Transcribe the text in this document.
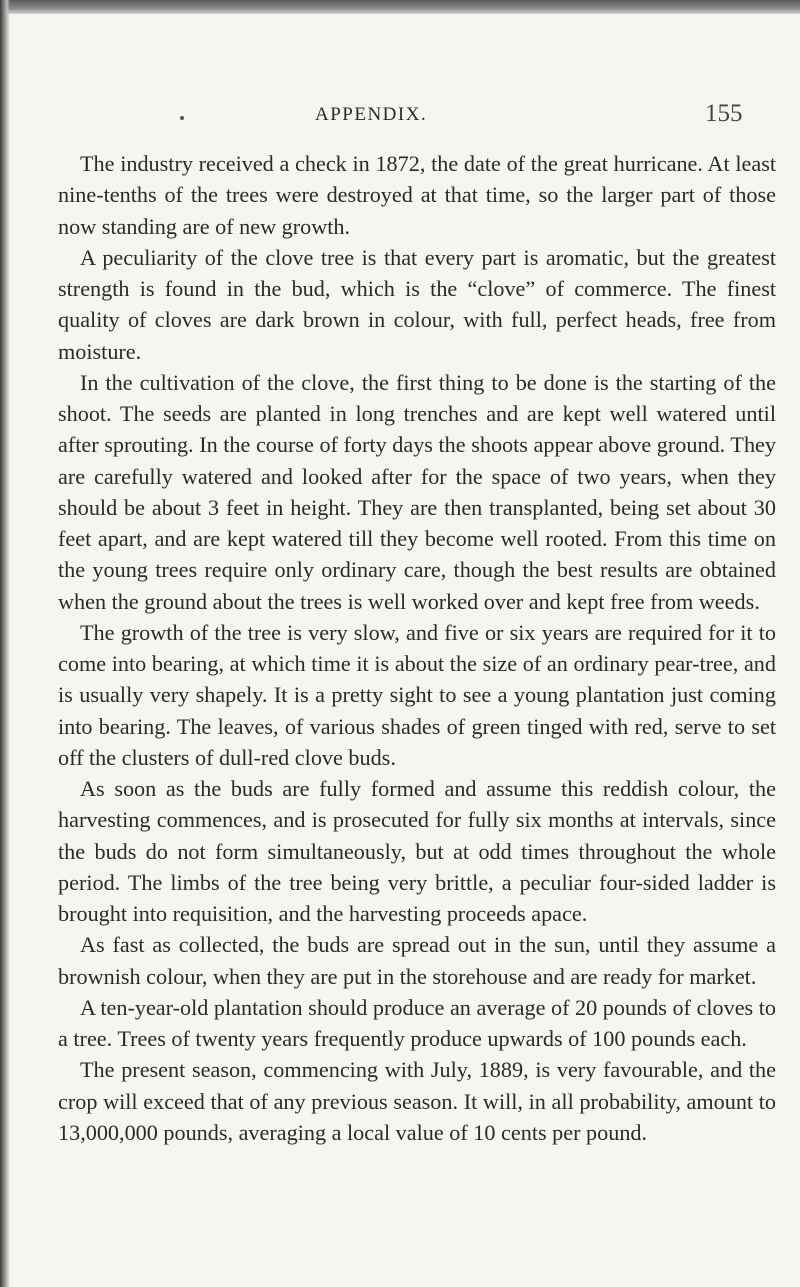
APPENDIX.	155

The industry received a check in 1872, the date of the great hurricane. At least nine-tenths of the trees were destroyed at that time, so the larger part of those now standing are of new growth.

A peculiarity of the clove tree is that every part is aromatic, but the greatest strength is found in the bud, which is the “clove” of commerce. The finest quality of cloves are dark brown in colour, with full, perfect heads, free from moisture.

In the cultivation of the clove, the first thing to be done is the starting of the shoot. The seeds are planted in long trenches and are kept well watered until after sprouting. In the course of forty days the shoots appear above ground. They are carefully watered and looked after for the space of two years, when they should be about 3 feet in height. They are then transplanted, being set about 30 feet apart, and are kept watered till they become well rooted. From this time on the young trees require only ordinary care, though the best results are obtained when the ground about the trees is well worked over and kept free from weeds.

The growth of the tree is very slow, and five or six years are required for it to come into bearing, at which time it is about the size of an ordinary pear-tree, and is usually very shapely. It is a pretty sight to see a young plantation just coming into bearing. The leaves, of various shades of green tinged with red, serve to set off the clusters of dull-red clove buds.

As soon as the buds are fully formed and assume this reddish colour, the harvesting commences, and is prosecuted for fully six months at intervals, since the buds do not form simultaneously, but at odd times throughout the whole period. The limbs of the tree being very brittle, a peculiar four-sided ladder is brought into requisition, and the harvesting proceeds apace.

As fast as collected, the buds are spread out in the sun, until they assume a brownish colour, when they are put in the storehouse and are ready for market.

A ten-year-old plantation should produce an average of 20 pounds of cloves to a tree. Trees of twenty years frequently produce upwards of 100 pounds each.

The present season, commencing with July, 1889, is very favourable, and the crop will exceed that of any previous season. It will, in all probability, amount to 13,000,000 pounds, averaging a local value of 10 cents per pound.
